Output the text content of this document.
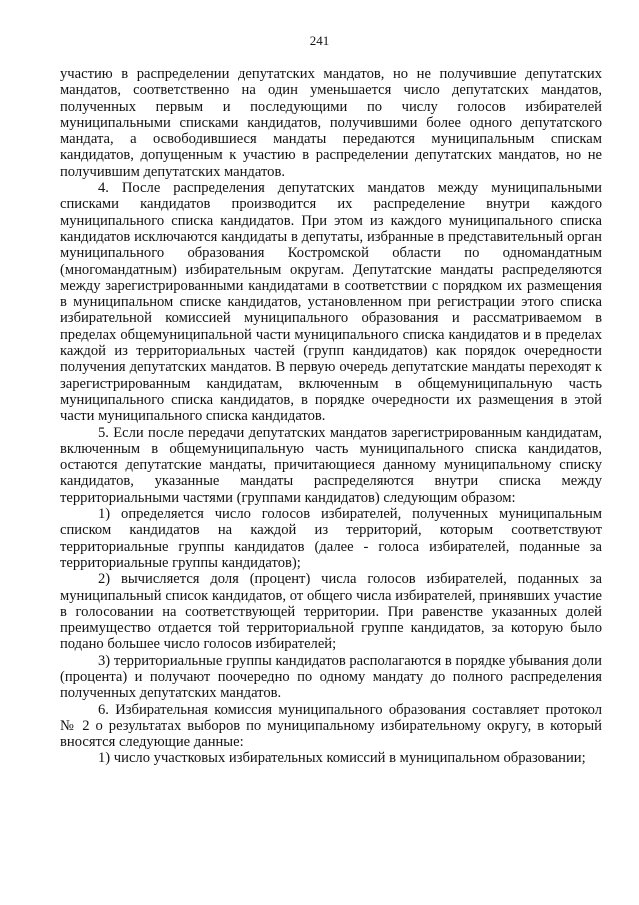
241

участию в распределении депутатских мандатов, но не получившие депутатских мандатов, соответственно на один уменьшается число депутатских мандатов, полученных первым и последующими по числу голосов избирателей муниципальными списками кандидатов, получившими более одного депутатского мандата, а освободившиеся мандаты передаются муниципальным спискам кандидатов, допущенным к участию в распределении депутатских мандатов, но не получившим депутатских мандатов.

4. После распределения депутатских мандатов между муниципальными списками кандидатов производится их распределение внутри каждого муниципального списка кандидатов. При этом из каждого муниципального списка кандидатов исключаются кандидаты в депутаты, избранные в представительный орган муниципального образования Костромской области по одномандатным (многомандатным) избирательным округам. Депутатские мандаты распределяются между зарегистрированными кандидатами в соответствии с порядком их размещения в муниципальном списке кандидатов, установленном при регистрации этого списка избирательной комиссией муниципального образования и рассматриваемом в пределах общемуниципальной части муниципального списка кандидатов и в пределах каждой из территориальных частей (групп кандидатов) как порядок очередности получения депутатских мандатов. В первую очередь депутатские мандаты переходят к зарегистрированным кандидатам, включенным в общемуниципальную часть муниципального списка кандидатов, в порядке очередности их размещения в этой части муниципального списка кандидатов.

5. Если после передачи депутатских мандатов зарегистрированным кандидатам, включенным в общемуниципальную часть муниципального списка кандидатов, остаются депутатские мандаты, причитающиеся данному муниципальному списку кандидатов, указанные мандаты распределяются внутри списка между территориальными частями (группами кандидатов) следующим образом:

1) определяется число голосов избирателей, полученных муниципальным списком кандидатов на каждой из территорий, которым соответствуют территориальные группы кандидатов (далее - голоса избирателей, поданные за территориальные группы кандидатов);

2) вычисляется доля (процент) числа голосов избирателей, поданных за муниципальный список кандидатов, от общего числа избирателей, принявших участие в голосовании на соответствующей территории. При равенстве указанных долей преимущество отдается той территориальной группе кандидатов, за которую было подано большее число голосов избирателей;

3) территориальные группы кандидатов располагаются в порядке убывания доли (процента) и получают поочередно по одному мандату до полного распределения полученных депутатских мандатов.

6. Избирательная комиссия муниципального образования составляет протокол № 2 о результатах выборов по муниципальному избирательному округу, в который вносятся следующие данные:

1) число участковых избирательных комиссий в муниципальном образовании;
